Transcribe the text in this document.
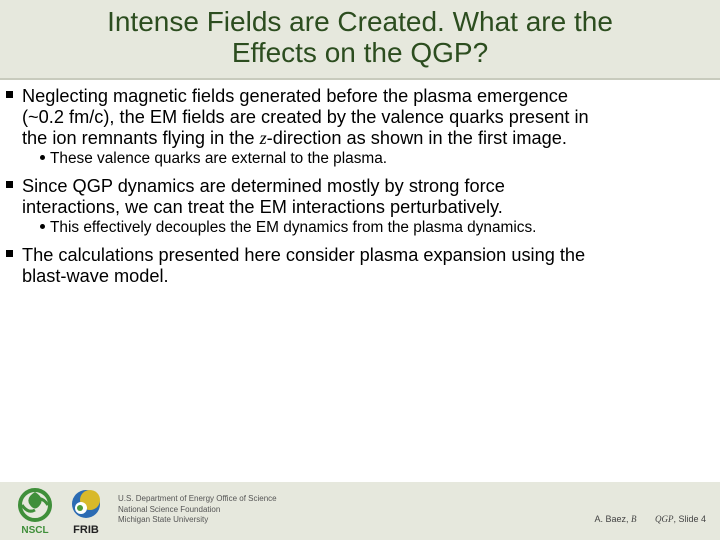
Intense Fields are Created. What are the
Effects on the QGP?
Neglecting magnetic fields generated before the plasma emergence
(~0.2 fm/c), the EM fields are created by the valence quarks present in
the ion remnants flying in the z-direction as shown in the first image.
These valence quarks are external to the plasma.
Since QGP dynamics are determined mostly by strong force
interactions, we can treat the EM interactions perturbatively.
This effectively decouples the EM dynamics from the plasma dynamics.
The calculations presented here consider plasma expansion using the
blast-wave model.
NSCL FRIB
U.S. Department of Energy Office of Science
National Science Foundation
Michigan State University	A. Baez, B⃗ ∊ QGP, Slide 4
